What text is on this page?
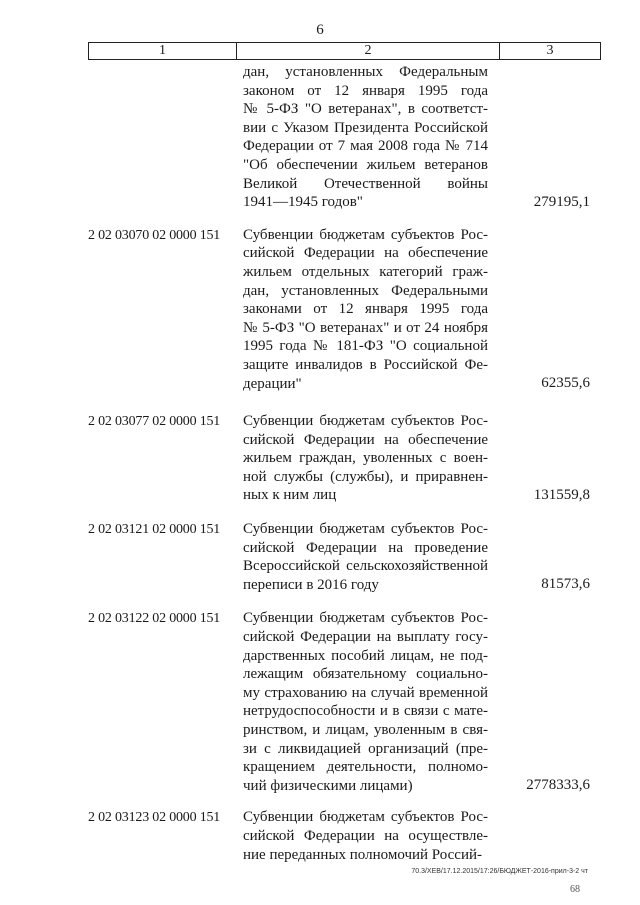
6
1	2	3
дан, установленных Федеральным
законом от 12 января 1995 года
№ 5-ФЗ "О ветеранах", в соответст-
вии с Указом Президента Российской
Федерации от 7 мая 2008 года № 714
"Об обеспечении жильем ветеранов
Великой Отечественной войны
1941—1945 годов"	279195,1
2 02 03070 02 0000 151	Субвенции бюджетам субъектов Рос-
сийской Федерации на обеспечение
жильем отдельных категорий граж-
дан, установленных Федеральными
законами от 12 января 1995 года
№ 5-ФЗ "О ветеранах" и от 24 ноября
1995 года № 181-ФЗ "О социальной
защите инвалидов в Российской Фе-
дерации"	62355,6
2 02 03077 02 0000 151	Субвенции бюджетам субъектов Рос-
сийской Федерации на обеспечение
жильем граждан, уволенных с воен-
ной службы (службы), и приравнен-
ных к ним лиц	131559,8
2 02 03121 02 0000 151	Субвенции бюджетам субъектов Рос-
сийской Федерации на проведение
Всероссийской сельскохозяйственной
переписи в 2016 году	81573,6
2 02 03122 02 0000 151	Субвенции бюджетам субъектов Рос-
сийской Федерации на выплату госу-
дарственных пособий лицам, не под-
лежащим обязательному социально-
му страхованию на случай временной
нетрудоспособности и в связи с мате-
ринством, и лицам, уволенным в свя-
зи с ликвидацией организаций (пре-
кращением деятельности, полномо-
чий физическими лицами)	2778333,6
2 02 03123 02 0000 151	Субвенции бюджетам субъектов Рос-
сийской Федерации на осуществле-
ние переданных полномочий Россий-
70.3/ХЕВ/17.12.2015/17:26/БЮДЖЕТ-2016-прил-3-2 чт
68
